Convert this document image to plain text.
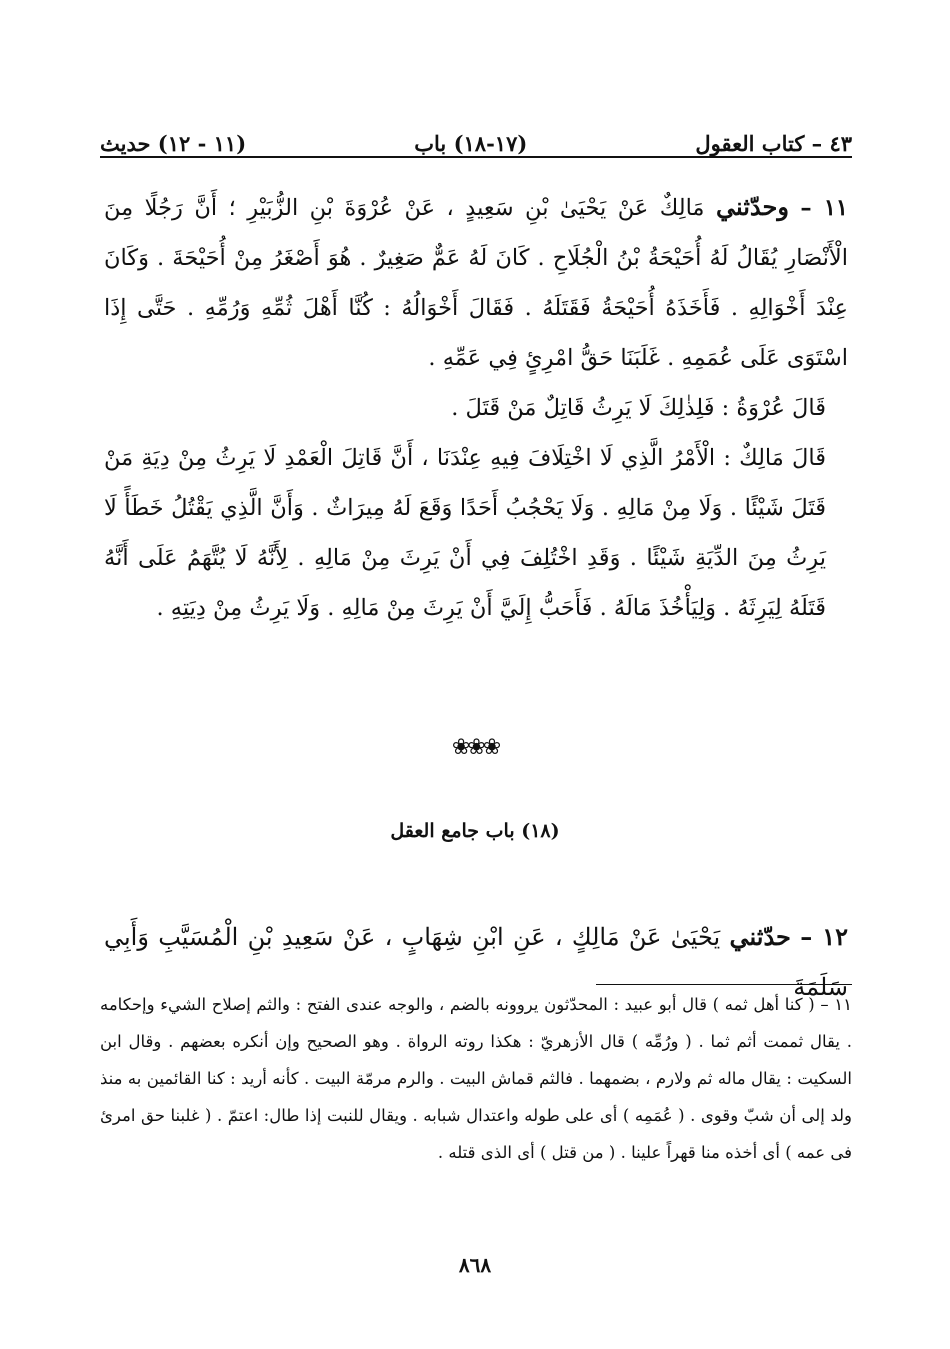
٤٣ – كتاب العقول
(١٧-١٨) باب
(١١ - ١٢) حديث

١١ – وحدّثني مَالِكٌ عَنْ يَحْيَىٰ بْنِ سَعِيدٍ ، عَنْ عُرْوَةَ بْنِ الزُّبَيْرِ ؛ أَنَّ رَجُلًا مِنَ الْأَنْصَارِ يُقَالُ لَهُ أُحَيْحَةُ بْنُ الْجُلَاحِ . كَانَ لَهُ عَمٌّ صَغِيرٌ . هُوَ أَصْغَرُ مِنْ أُحَيْحَةَ . وَكَانَ عِنْدَ أَخْوَالِهِ . فَأَخَذَهُ أُحَيْحَةُ فَقَتَلَهُ . فَقَالَ أَخْوَالُهُ : كُنَّا أَهْلَ ثُمِّهِ وَرُمِّهِ . حَتَّى إِذَا اسْتَوَى عَلَى عُمَمِهِ . غَلَبَنَا حَقُّ امْرِئٍ فِي عَمِّهِ .

قَالَ عُرْوَةُ : فَلِذٰلِكَ لَا يَرِثُ قَاتِلٌ مَنْ قَتَلَ .

قَالَ مَالِكٌ : الْأَمْرُ الَّذِي لَا اخْتِلَافَ فِيهِ عِنْدَنَا ، أَنَّ قَاتِلَ الْعَمْدِ لَا يَرِثُ مِنْ دِيَةِ مَنْ قَتَلَ شَيْئًا . وَلَا مِنْ مَالِهِ . وَلَا يَحْجُبُ أَحَدًا وَقَعَ لَهُ مِيرَاثٌ . وَأَنَّ الَّذِي يَقْتُلُ خَطَأً لَا يَرِثُ مِنَ الدِّيَةِ شَيْئًا . وَقَدِ اخْتُلِفَ فِي أَنْ يَرِثَ مِنْ مَالِهِ . لِأَنَّهُ لَا يُتَّهَمُ عَلَى أَنَّهُ قَتَلَهُ لِيَرِثَهُ . وَلِيَأْخُذَ مَالَهُ . فَأَحَبُّ إِلَيَّ أَنْ يَرِثَ مِنْ مَالِهِ . وَلَا يَرِثُ مِنْ دِيَتِهِ .

❀❀❀
(١٨) باب جامع العقل
١٢ – حدّثني يَحْيَىٰ عَنْ مَالِكٍ ، عَنِ ابْنِ شِهَابٍ ، عَنْ سَعِيدِ بْنِ الْمُسَيَّبِ وَأَبِي سَلَمَةَ
١١ – ( كنا أهل ثمه ) قال أبو عبيد : المحدّثون يروونه بالضم ، والوجه عندى الفتح : والثم إصلاح الشيء وإحكامه . يقال ثممت أثم ثما . ( ورُمِّه ) قال الأزهريّ : هكذا روته الرواة . وهو الصحيح وإن أنكره بعضهم . وقال ابن السكيت : يقال ماله ثم ولارم ، بضمهما . فالثم قماش البيت . والرم مرمّة البيت . كأنه أريد : كنا القائمين به منذ ولد إلى أن شبّ وقوى . ( عُمَمِه ) أى على طوله واعتدال شبابه . ويقال للنبت إذا طال: اعتمّ . ( غلبنا حق امرئ فى عمه ) أى أخذه منا قهراً علينا . ( من قتل ) أى الذى قتله .
٨٦٨
